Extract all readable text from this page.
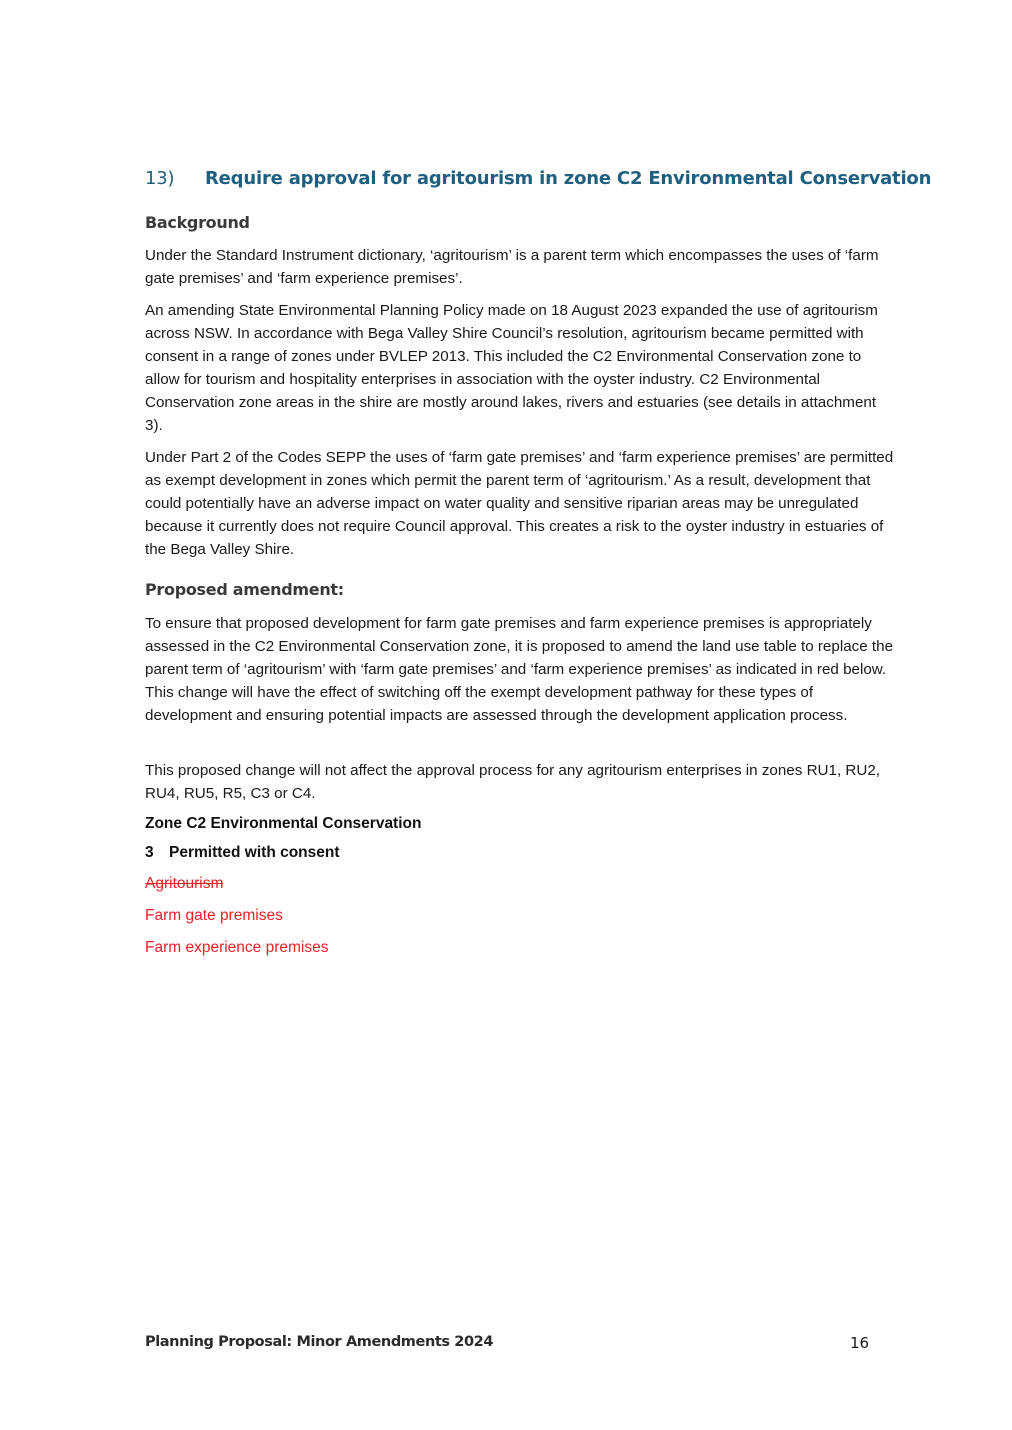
13) Require approval for agritourism in zone C2 Environmental Conservation
Background

Under the Standard Instrument dictionary, ‘agritourism’ is a parent term which encompasses the uses of ‘farm gate premises’ and ‘farm experience premises’.

An amending State Environmental Planning Policy made on 18 August 2023 expanded the use of agritourism across NSW. In accordance with Bega Valley Shire Council’s resolution, agritourism became permitted with consent in a range of zones under BVLEP 2013. This included the C2 Environmental Conservation zone to allow for tourism and hospitality enterprises in association with the oyster industry. C2 Environmental Conservation zone areas in the shire are mostly around lakes, rivers and estuaries (see details in attachment 3).

Under Part 2 of the Codes SEPP the uses of ‘farm gate premises’ and ‘farm experience premises’ are permitted as exempt development in zones which permit the parent term of ‘agritourism.’ As a result, development that could potentially have an adverse impact on water quality and sensitive riparian areas may be unregulated because it currently does not require Council approval. This creates a risk to the oyster industry in estuaries of the Bega Valley Shire.

Proposed amendment:

To ensure that proposed development for farm gate premises and farm experience premises is appropriately assessed in the C2 Environmental Conservation zone, it is proposed to amend the land use table to replace the parent term of ‘agritourism’ with ‘farm gate premises’ and ‘farm experience premises’ as indicated in red below. This change will have the effect of switching off the exempt development pathway for these types of development and ensuring potential impacts are assessed through the development application process.

This proposed change will not affect the approval process for any agritourism enterprises in zones RU1, RU2, RU4, RU5, R5, C3 or C4.

Zone C2 Environmental Conservation
3 Permitted with consent
Agritourism
Farm gate premises
Farm experience premises
Planning Proposal: Minor Amendments 2024	16
